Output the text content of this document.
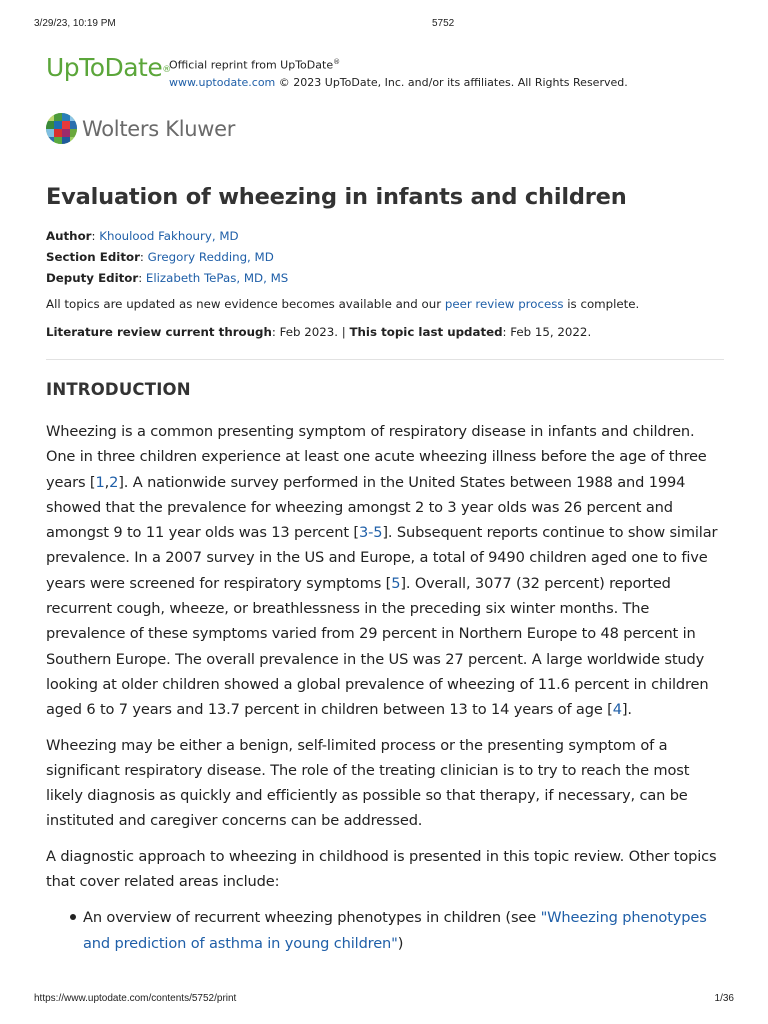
3/29/23, 10:19 PM	5752
UpToDate®
Official reprint from UpToDate®
www.uptodate.com © 2023 UpToDate, Inc. and/or its affiliates. All Rights Reserved.
Wolters Kluwer
Evaluation of wheezing in infants and children
Author: Khoulood Fakhoury, MD
Section Editor: Gregory Redding, MD
Deputy Editor: Elizabeth TePas, MD, MS
All topics are updated as new evidence becomes available and our peer review process is complete.
Literature review current through: Feb 2023. | This topic last updated: Feb 15, 2022.
INTRODUCTION

Wheezing is a common presenting symptom of respiratory disease in infants and children. One in three children experience at least one acute wheezing illness before the age of three years [1,2]. A nationwide survey performed in the United States between 1988 and 1994 showed that the prevalence for wheezing amongst 2 to 3 year olds was 26 percent and amongst 9 to 11 year olds was 13 percent [3-5]. Subsequent reports continue to show similar prevalence. In a 2007 survey in the US and Europe, a total of 9490 children aged one to five years were screened for respiratory symptoms [5]. Overall, 3077 (32 percent) reported recurrent cough, wheeze, or breathlessness in the preceding six winter months. The prevalence of these symptoms varied from 29 percent in Northern Europe to 48 percent in Southern Europe. The overall prevalence in the US was 27 percent. A large worldwide study looking at older children showed a global prevalence of wheezing of 11.6 percent in children aged 6 to 7 years and 13.7 percent in children between 13 to 14 years of age [4].

Wheezing may be either a benign, self-limited process or the presenting symptom of a significant respiratory disease. The role of the treating clinician is to try to reach the most likely diagnosis as quickly and efficiently as possible so that therapy, if necessary, can be instituted and caregiver concerns can be addressed.

A diagnostic approach to wheezing in childhood is presented in this topic review. Other topics that cover related areas include:

An overview of recurrent wheezing phenotypes in children (see "Wheezing phenotypes and prediction of asthma in young children")
https://www.uptodate.com/contents/5752/print	1/36
